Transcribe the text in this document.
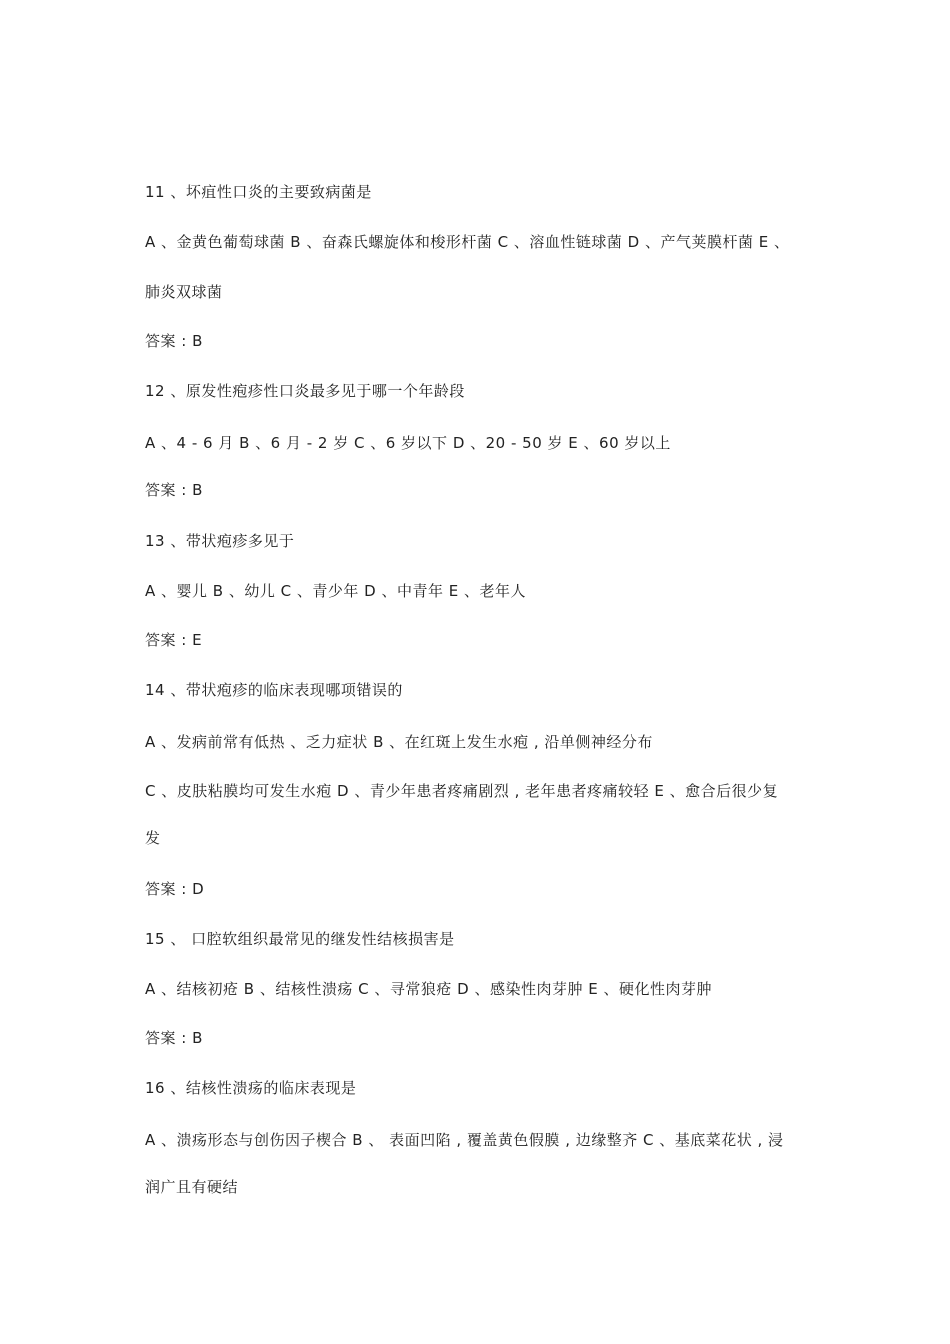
11 、坏疽性口炎的主要致病菌是
A 、金黄色葡萄球菌 B 、奋森氏螺旋体和梭形杆菌 C 、溶血性链球菌 D 、产气荚膜杆菌 E 、
肺炎双球菌
答案 : B
12 、原发性疱疹性口炎最多见于哪一个年龄段
A 、4 - 6 月 B 、6 月 - 2 岁 C 、6 岁以下 D 、20 - 50 岁 E 、60 岁以上
答案 : B
13 、带状疱疹多见于
A 、婴儿 B 、幼儿 C 、青少年 D 、中青年 E 、老年人
答案 : E
14 、带状疱疹的临床表现哪项错误的
A 、发病前常有低热 、乏力症状 B 、在红斑上发生水疱 , 沿单侧神经分布
C 、皮肤粘膜均可发生水疱 D 、青少年患者疼痛剧烈 , 老年患者疼痛较轻 E 、愈合后很少复
发
答案 : D
15 、 口腔软组织最常见的继发性结核损害是
A 、结核初疮 B 、结核性溃疡 C 、寻常狼疮 D 、感染性肉芽肿 E 、硬化性肉芽肿
答案 : B
16 、结核性溃疡的临床表现是
A 、溃疡形态与创伤因子楔合 B 、 表面凹陷 , 覆盖黄色假膜 , 边缘整齐 C 、基底菜花状 , 浸
润广且有硬结
